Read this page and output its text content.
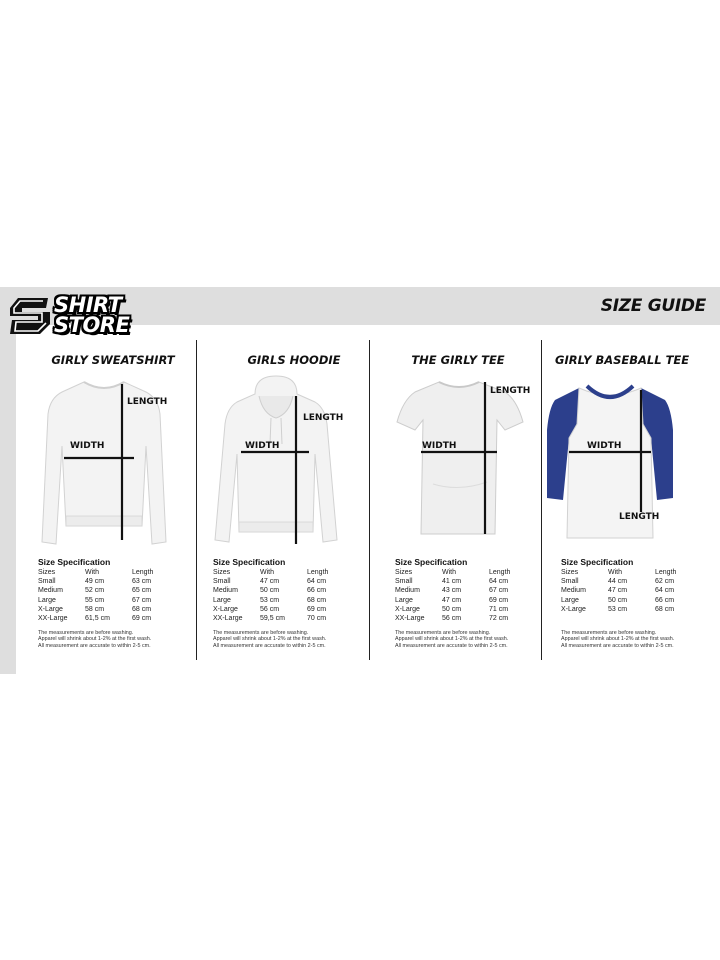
SHIRT
STORE
SIZE GUIDE
GIRLY SWEATSHIRT
WIDTH
LENGTH
Size Specification
Sizes	With	Length
Small	49 cm	63 cm
Medium	52 cm	65 cm
Large	55 cm	67 cm
X-Large	58 cm	68 cm
XX-Large	61,5 cm	69 cm
The measurements are before washing.
Apparel will shrink about 1-2% at the first wash.
All measurement are accurate to within 2-5 cm.
GIRLS HOODIE
WIDTH
LENGTH
Size Specification
Sizes	With	Length
Small	47 cm	64 cm
Medium	50 cm	66 cm
Large	53 cm	68 cm
X-Large	56 cm	69 cm
XX-Large	59,5 cm	70 cm
The measurements are before washing.
Apparel will shrink about 1-2% at the first wash.
All measurement are accurate to within 2-5 cm.
THE GIRLY TEE
WIDTH
LENGTH
Size Specification
Sizes	With	Length
Small	41 cm	64 cm
Medium	43 cm	67 cm
Large	47 cm	69 cm
X-Large	50 cm	71 cm
XX-Large	56 cm	72 cm
The measurements are before washing.
Apparel will shrink about 1-2% at the first wash.
All measurement are accurate to within 2-5 cm.
GIRLY BASEBALL TEE
WIDTH
LENGTH
Size Specification
Sizes	With	Length
Small	44 cm	62 cm
Medium	47 cm	64 cm
Large	50 cm	66 cm
X-Large	53 cm	68 cm
The measurements are before washing.
Apparel will shrink about 1-2% at the first wash.
All measurement are accurate to within 2-5 cm.
